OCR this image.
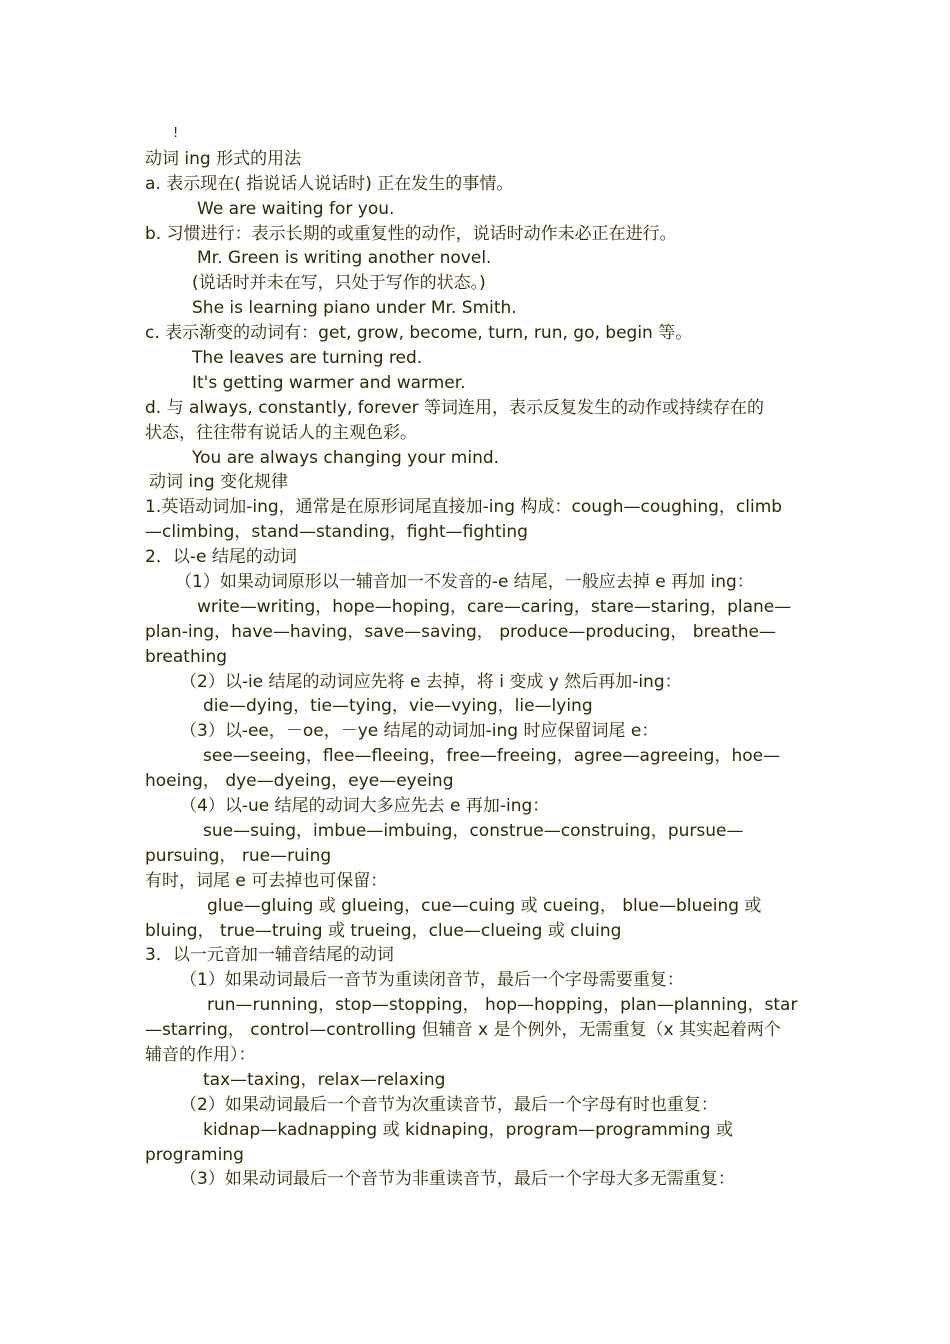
!
动词 ing 形式的用法
a. 表示现在( 指说话人说话时) 正在发生的事情。
We are waiting for you.
b. 习惯进行：表示长期的或重复性的动作，说话时动作未必正在进行。
Mr. Green is writing another novel.
(说话时并未在写，只处于写作的状态。)
She is learning piano under Mr. Smith.
c. 表示渐变的动词有：get, grow, become, turn, run, go, begin 等。
The leaves are turning red.
It's getting warmer and warmer.
d. 与 always, constantly, forever 等词连用，表示反复发生的动作或持续存在的
状态，往往带有说话人的主观色彩。
You are always changing your mind.
动词 ing 变化规律
1.英语动词加-ing，通常是在原形词尾直接加-ing 构成：cough—coughing，climb
—climbing，stand—standing，fight—fighting
2．以-e 结尾的动词
（1）如果动词原形以一辅音加一不发音的-e 结尾，一般应去掉 e 再加 ing：
write—writing，hope—hoping，care—caring，stare—staring，plane—
plan-ing，have—having，save—saving， produce—producing， breathe—
breathing
（2）以-ie 结尾的动词应先将 e 去掉，将 i 变成 y 然后再加-ing：
die—dying，tie—tying，vie—vying，lie—lying
（3）以-ee，－oe，－ye 结尾的动词加-ing 时应保留词尾 e：
see—seeing，flee—fleeing，free—freeing，agree—agreeing，hoe—
hoeing， dye—dyeing，eye—eyeing
（4）以-ue 结尾的动词大多应先去 e 再加-ing：
sue—suing，imbue—imbuing，construe—construing，pursue—
pursuing， rue—ruing
有时，词尾 e 可去掉也可保留：
glue—gluing 或 glueing，cue—cuing 或 cueing， blue—blueing 或
bluing， true—truing 或 trueing，clue—clueing 或 cluing
3．以一元音加一辅音结尾的动词
（1）如果动词最后一音节为重读闭音节，最后一个字母需要重复：
run—running，stop—stopping， hop—hopping，plan—planning，star
—starring， control—controlling 但辅音 x 是个例外，无需重复（x 其实起着两个
辅音的作用）：
tax—taxing，relax—relaxing
（2）如果动词最后一个音节为次重读音节，最后一个字母有时也重复：
kidnap—kadnapping 或 kidnaping，program—programming 或
programing
（3）如果动词最后一个音节为非重读音节，最后一个字母大多无需重复：
